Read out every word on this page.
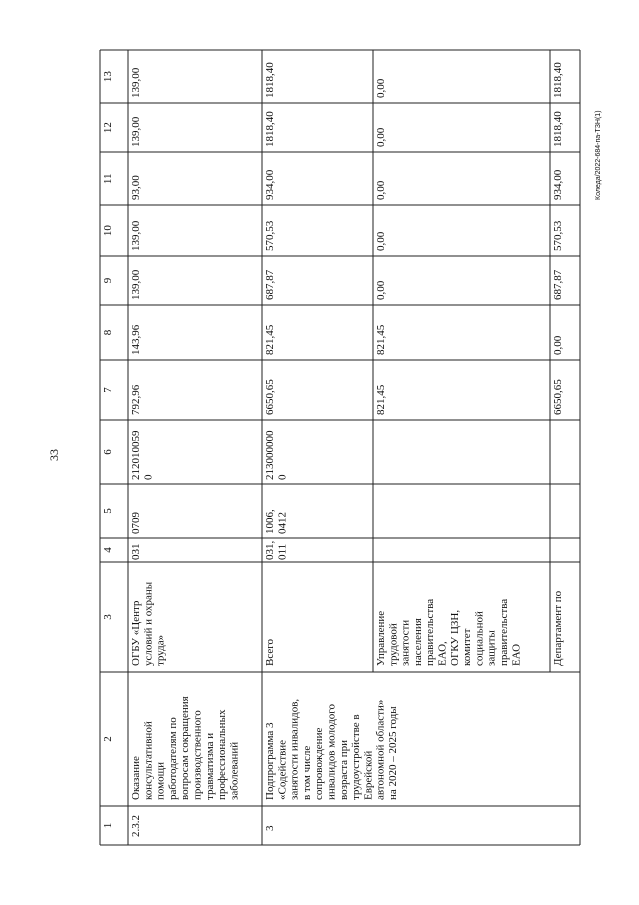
33
Коледа/2022-684-па-ТЗН(1)
1
2
3
4
5
6
7
8
9
10
11
12
13
2.3.2
Оказание консультативной помощи работодателям по вопросам сокращения производственного травматизма и профессиональных заболеваний
ОГБУ «Центр условий и охраны труда»
031
0709
212010059 0
792,96
143,96
139,00
139,00
93,00
139,00
139,00
3
Подпрограмма 3 «Содействие занятости инвалидов, в том числе сопровождение инвалидов молодого возраста при трудоустройстве в Еврейской автономной области» на 2020 – 2025 годы
Всего
031, 011
1006, 0412
213000000 0
6650,65
821,45
687,87
570,53
934,00
1818,40
1818,40
Управление трудовой занятости населения правительства ЕАО, ОГКУ ЦЗН, комитет социальной защиты правительства ЕАО
821,45
821,45
0,00
0,00
0,00
0,00
0,00
Департамент по
6650,65
0,00
687,87
570,53
934,00
1818,40
1818,40
